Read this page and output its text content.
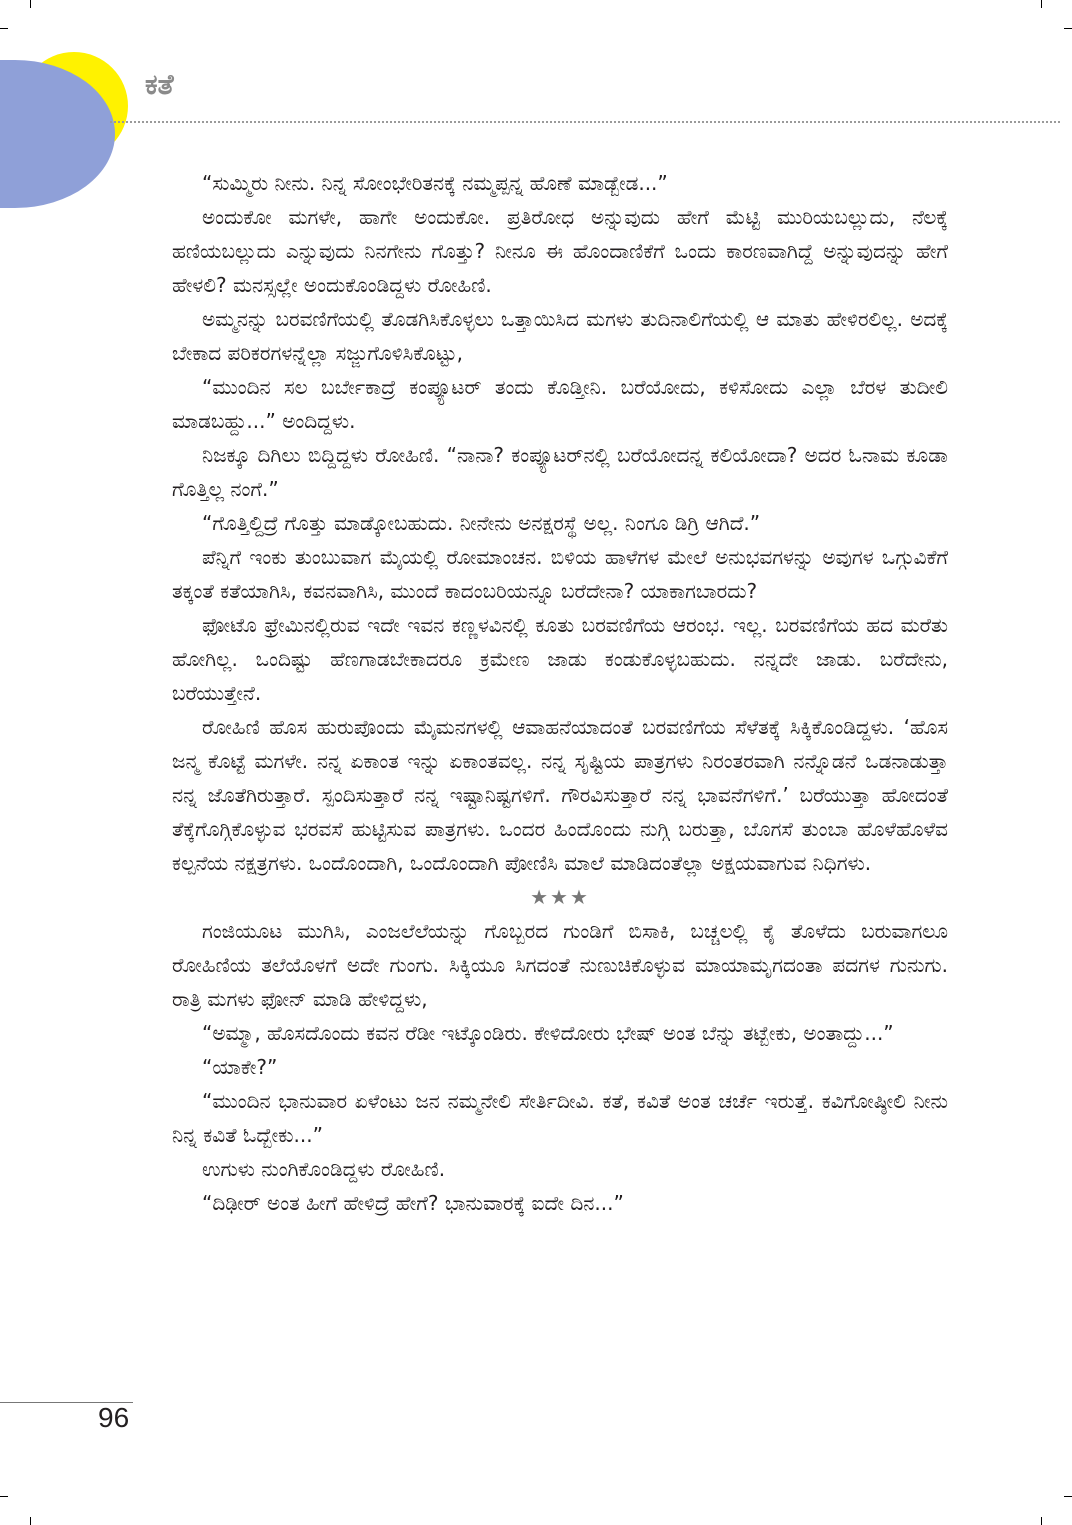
ಕತೆ

“ಸುಮ್ಮಿರು ನೀನು. ನಿನ್ನ ಸೋಂಭೇರಿತನಕ್ಕೆ ನಮ್ಮಪ್ಪನ್ನ ಹೊಣೆ ಮಾಡ್ಬೇಡ...”

ಅಂದುಕೋ ಮಗಳೇ, ಹಾಗೇ ಅಂದುಕೋ. ಪ್ರತಿರೋಧ ಅನ್ನುವುದು ಹೇಗೆ ಮೆಟ್ಟಿ ಮುರಿಯಬಲ್ಲುದು, ನೆಲಕ್ಕೆ ಹಣಿಯಬಲ್ಲುದು ಎನ್ನುವುದು ನಿನಗೇನು ಗೊತ್ತು? ನೀನೂ ಈ ಹೊಂದಾಣಿಕೆಗೆ ಒಂದು ಕಾರಣವಾಗಿದ್ದೆ ಅನ್ನುವುದನ್ನು ಹೇಗೆ ಹೇಳಲಿ? ಮನಸ್ಸಲ್ಲೇ ಅಂದುಕೊಂಡಿದ್ದಳು ರೋಹಿಣಿ.

ಅಮ್ಮನನ್ನು ಬರವಣಿಗೆಯಲ್ಲಿ ತೊಡಗಿಸಿಕೊಳ್ಳಲು ಒತ್ತಾಯಿಸಿದ ಮಗಳು ತುದಿನಾಲಿಗೆಯಲ್ಲಿ ಆ ಮಾತು ಹೇಳಿರಲಿಲ್ಲ. ಅದಕ್ಕೆ ಬೇಕಾದ ಪರಿಕರಗಳನ್ನೆಲ್ಲಾ ಸಜ್ಜುಗೊಳಿಸಿಕೊಟ್ಟು,

“ಮುಂದಿನ ಸಲ ಬರ್ಬೇಕಾದ್ರೆ ಕಂಪ್ಯೂಟರ್ ತಂದು ಕೊಡ್ತೀನಿ. ಬರೆಯೋದು, ಕಳಿಸೋದು ಎಲ್ಲಾ ಬೆರಳ ತುದೀಲಿ ಮಾಡಬಹ್ದು...” ಅಂದಿದ್ದಳು.

ನಿಜಕ್ಕೂ ದಿಗಿಲು ಬಿದ್ದಿದ್ದಳು ರೋಹಿಣಿ. “ನಾನಾ? ಕಂಪ್ಯೂಟರ್‌ನಲ್ಲಿ ಬರೆಯೋದನ್ನ ಕಲಿಯೋದಾ? ಅದರ ಓನಾಮ ಕೂಡಾ ಗೊತ್ತಿಲ್ಲ ನಂಗೆ.”

“ಗೊತ್ತಿಲ್ದಿದ್ರೆ ಗೊತ್ತು ಮಾಡ್ಕೋಬಹುದು. ನೀನೇನು ಅನಕ್ಷರಸ್ಥೆ ಅಲ್ಲ. ನಿಂಗೂ ಡಿಗ್ರಿ ಆಗಿದೆ.”

ಪೆನ್ನಿಗೆ ಇಂಕು ತುಂಬುವಾಗ ಮೈಯಲ್ಲಿ ರೋಮಾಂಚನ. ಬಿಳಿಯ ಹಾಳೆಗಳ ಮೇಲೆ ಅನುಭವಗಳನ್ನು ಅವುಗಳ ಒಗ್ಗುವಿಕೆಗೆ ತಕ್ಕಂತೆ ಕತೆಯಾಗಿಸಿ, ಕವನವಾಗಿಸಿ, ಮುಂದೆ ಕಾದಂಬರಿಯನ್ನೂ ಬರೆದೇನಾ? ಯಾಕಾಗಬಾರದು?

ಫೋಟೊ ಫ್ರೇಮಿನಲ್ಲಿರುವ ಇದೇ ಇವನ ಕಣ್ಣಳವಿನಲ್ಲಿ ಕೂತು ಬರವಣಿಗೆಯ ಆರಂಭ. ಇಲ್ಲ. ಬರವಣಿಗೆಯ ಹದ ಮರೆತು ಹೋಗಿಲ್ಲ. ಒಂದಿಷ್ಟು ಹೆಣಗಾಡಬೇಕಾದರೂ ಕ್ರಮೇಣ ಜಾಡು ಕಂಡುಕೊಳ್ಳಬಹುದು. ನನ್ನದೇ ಜಾಡು. ಬರೆದೇನು, ಬರೆಯುತ್ತೇನೆ.

ರೋಹಿಣಿ ಹೊಸ ಹುರುಪೊಂದು ಮೈಮನಗಳಲ್ಲಿ ಆವಾಹನೆಯಾದಂತೆ ಬರವಣಿಗೆಯ ಸೆಳೆತಕ್ಕೆ ಸಿಕ್ಕಿಕೊಂಡಿದ್ದಳು. ‘ಹೊಸ ಜನ್ಮ ಕೊಟ್ಟೆ ಮಗಳೇ. ನನ್ನ ಏಕಾಂತ ಇನ್ನು ಏಕಾಂತವಲ್ಲ. ನನ್ನ ಸೃಷ್ಟಿಯ ಪಾತ್ರಗಳು ನಿರಂತರವಾಗಿ ನನ್ನೊಡನೆ ಒಡನಾಡುತ್ತಾ ನನ್ನ ಜೊತೆಗಿರುತ್ತಾರೆ. ಸ್ಪಂದಿಸುತ್ತಾರೆ ನನ್ನ ಇಷ್ಟಾನಿಷ್ಟಗಳಿಗೆ. ಗೌರವಿಸುತ್ತಾರೆ ನನ್ನ ಭಾವನೆಗಳಿಗೆ.’ ಬರೆಯುತ್ತಾ ಹೋದಂತೆ ತೆಕ್ಕೆಗೊಗ್ಗಿಕೊಳ್ಳುವ ಭರವಸೆ ಹುಟ್ಟಿಸುವ ಪಾತ್ರಗಳು. ಒಂದರ ಹಿಂದೊಂದು ನುಗ್ಗಿ ಬರುತ್ತಾ, ಬೊಗಸೆ ತುಂಬಾ ಹೊಳೆಹೊಳೆವ ಕಲ್ಪನೆಯ ನಕ್ಷತ್ರಗಳು. ಒಂದೊಂದಾಗಿ, ಒಂದೊಂದಾಗಿ ಪೋಣಿಸಿ ಮಾಲೆ ಮಾಡಿದಂತೆಲ್ಲಾ ಅಕ್ಷಯವಾಗುವ ನಿಧಿಗಳು.

★★★

ಗಂಜಿಯೂಟ ಮುಗಿಸಿ, ಎಂಜಲೆಲೆಯನ್ನು ಗೊಬ್ಬರದ ಗುಂಡಿಗೆ ಬಿಸಾಕಿ, ಬಚ್ಚಲಲ್ಲಿ ಕೈ ತೊಳೆದು ಬರುವಾಗಲೂ ರೋಹಿಣಿಯ ತಲೆಯೊಳಗೆ ಅದೇ ಗುಂಗು. ಸಿಕ್ಕಿಯೂ ಸಿಗದಂತೆ ನುಣುಚಿಕೊಳ್ಳುವ ಮಾಯಾಮೃಗದಂತಾ ಪದಗಳ ಗುನುಗು. ರಾತ್ರಿ ಮಗಳು ಫೋನ್ ಮಾಡಿ ಹೇಳಿದ್ದಳು,

“ಅಮ್ಮಾ, ಹೊಸದೊಂದು ಕವನ ರೆಡೀ ಇಟ್ಕೊಂಡಿರು. ಕೇಳಿದೋರು ಭೇಷ್ ಅಂತ ಬೆನ್ನು ತಟ್ಬೇಕು, ಅಂತಾದ್ದು...”

“ಯಾಕೇ?”

“ಮುಂದಿನ ಭಾನುವಾರ ಏಳೆಂಟು ಜನ ನಮ್ಮನೇಲಿ ಸೇರ್ತಿದೀವಿ. ಕತೆ, ಕವಿತೆ ಅಂತ ಚರ್ಚೆ ಇರುತ್ತೆ. ಕವಿಗೋಷ್ಠೀಲಿ ನೀನು ನಿನ್ನ ಕವಿತೆ ಓದ್ಬೇಕು...”

ಉಗುಳು ನುಂಗಿಕೊಂಡಿದ್ದಳು ರೋಹಿಣಿ.

“ದಿಢೀರ್ ಅಂತ ಹೀಗೆ ಹೇಳಿದ್ರೆ ಹೇಗೆ? ಭಾನುವಾರಕ್ಕೆ ಐದೇ ದಿನ...”

96
